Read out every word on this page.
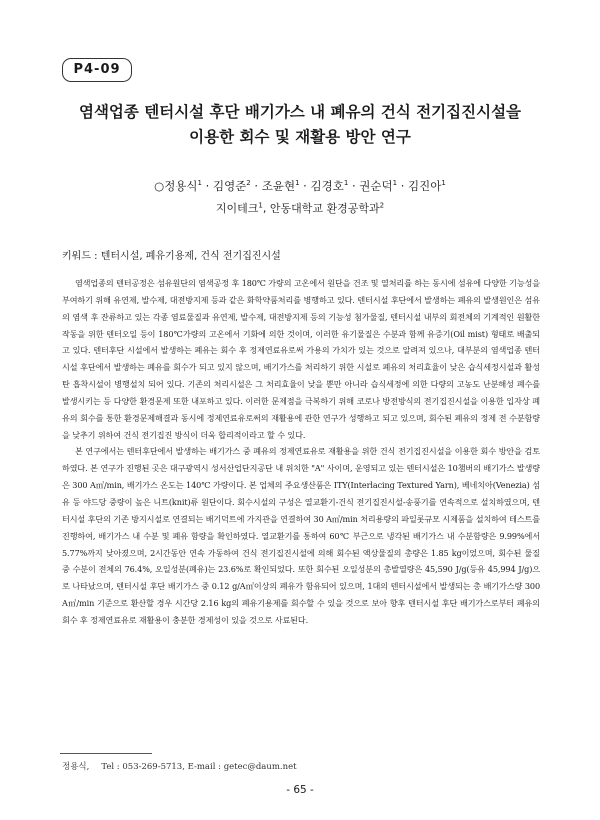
P4-09
염색업종 텐터시설 후단 배기가스 내 폐유의 건식 전기집진시설을
이용한 회수 및 재활용 방안 연구
○정용식$^1$ · 김영준$^2$ · 조윤현$^1$ · 김경호$^1$ · 권순덕$^1$ · 김진아$^1$
지이테크$^1$, 안동대학교 환경공학과$^2$
키워드 : 텐터시설, 폐유기용제, 건식 전기집진시설

염색업종의 텐터공정은 섬유원단의 염색공정 후 180℃ 가량의 고온에서 원단을 건조 및 열처리를 하는 동시에 섬유에 다양한 기능성을 부여하기 위해 유연제, 발수제, 대전방지제 등과 같은 화학약품처리를 병행하고 있다. 텐터시설 후단에서 발생하는 폐유의 발생원인은 섬유의 염색 후 잔류하고 있는 각종 염료물질과 유연제, 발수제, 대전방지제 등의 기능성 첨가물질, 텐터시설 내부의 회전체의 기계적인 원활한 작동을 위한 텐터오일 등이 180℃가량의 고온에서 기화에 의한 것이며, 이러한 유기물질은 수분과 함께 유증기(Oil mist) 형태로 배출되고 있다. 텐터후단 시설에서 발생하는 폐유는 회수 후 정제연료유로써 가용의 가치가 있는 것으로 알려져 있으나, 대부분의 염색업종 텐터시설 후단에서 발생하는 폐유를 회수가 되고 있지 않으며, 배기가스를 처리하기 위한 시설로 폐유의 처리효율이 낮은 습식세정시설과 활성탄 흡착시설이 병행설치 되어 있다. 기존의 처리시설은 그 처리효율이 낮을 뿐만 아니라 습식세정에 의한 다량의 고농도 난분해성 폐수를 발생시키는 등 다양한 환경문제 또한 내포하고 있다. 이러한 문제점을 극복하기 위해 코로나 방전방식의 전기집진시설을 이용한 입자상 폐유의 회수를 통한 환경문제해결과 동시에 정제연료유로써의 재활용에 관한 연구가 성행하고 되고 있으며, 회수된 폐유의 정제 전 수분함량을 낮추기 위하여 건식 전기집진 방식이 더욱 합리적이라고 할 수 있다.

본 연구에서는 텐터후단에서 발생하는 배기가스 중 폐유의 정제연료유로 재활용을 위한 건식 전기집진시설을 이용한 회수 방안을 검토하였다. 본 연구가 진행된 곳은 대구광역시 성서산업단지공단 내 위치한 "A" 사이며, 운영되고 있는 텐터시설은 10챔버의 배기가스 발생량은 300 A㎥/min, 배기가스 온도는 140℃ 가량이다. 본 업체의 주요생산품은 ITY(Interlacing Textured Yarn), 베네치아(Venezia) 섬유 등 야드당 중량이 높은 니트(knit)류 원단이다. 회수시설의 구성은 열교환기-건식 전기집진시설-송풍기를 연속적으로 설치하였으며, 텐터시설 후단의 기존 방지시설로 연결되는 배기덕트에 가지관을 연결하여 30 A㎥/min 처리용량의 파일롯규모 시제품을 설치하여 테스트를 진행하여, 배기가스 내 수분 및 폐유 함량을 확인하였다. 열교환기를 통하여 60℃ 부근으로 냉각된 배기가스 내 수분함량은 9.99%에서 5.77%까지 낮아졌으며, 2시간동안 연속 가동하여 건식 전기집진시설에 의해 회수된 액상물질의 총량은 1.85 kg이었으며, 회수된 물질 중 수분이 전체의 76.4%, 오일성분(폐유)는 23.6%로 확인되었다. 또한 회수된 오일성분의 총발열량은 45,590 J/g(등유 45,994 J/g)으로 나타났으며, 텐터시설 후단 배기가스 중 0.12 g/A㎥이상의 폐유가 함유되어 있으며, 1대의 텐터시설에서 발생되는 총 배기가스량 300 A㎥/min 기준으로 환산할 경우 시간당 2.16 kg의 폐유기용제를 회수할 수 있을 것으로 보아 향후 텐터시설 후단 배기가스로부터 폐유의 회수 후 정제연료유로 재활용이 충분한 경제성이 있을 것으로 사료된다.

정용식, Tel : 053-269-5713, E-mail : getec@daum.net
- 65 -
